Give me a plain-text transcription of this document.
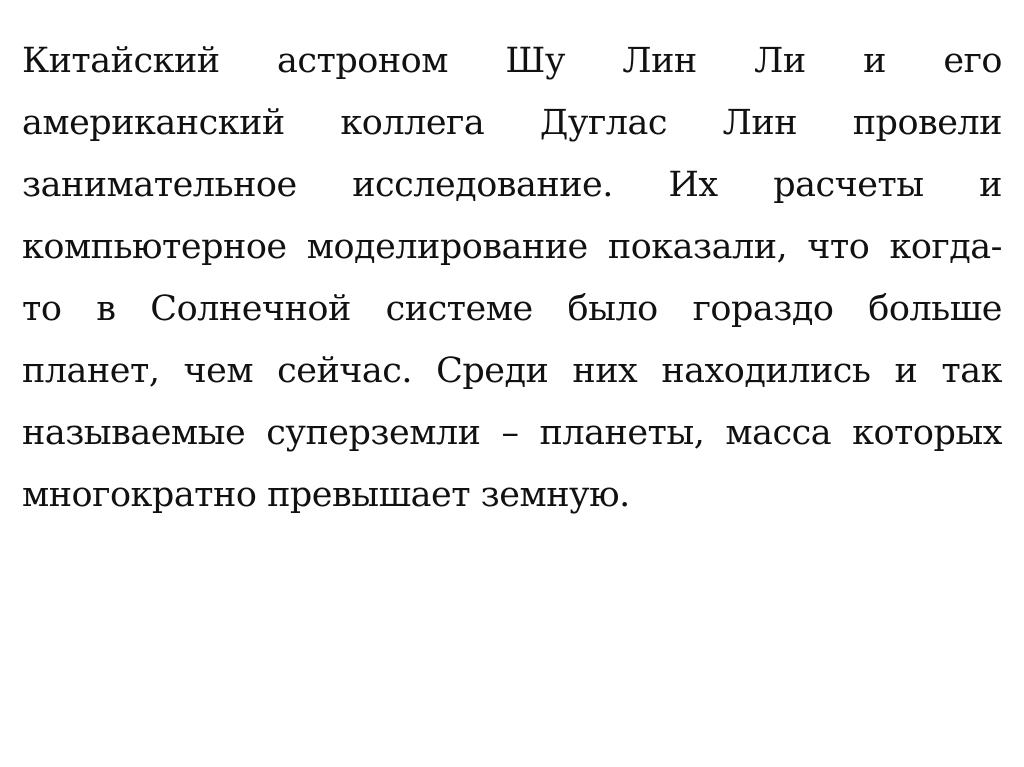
Китайский астроном Шу Лин Ли и его
американский коллега Дуглас Лин провели
занимательное исследование. Их расчеты и
компьютерное моделирование показали, что когда-
то в Солнечной системе было гораздо больше
планет, чем сейчас. Среди них находились и так
называемые суперземли – планеты, масса которых
многократно превышает земную.
